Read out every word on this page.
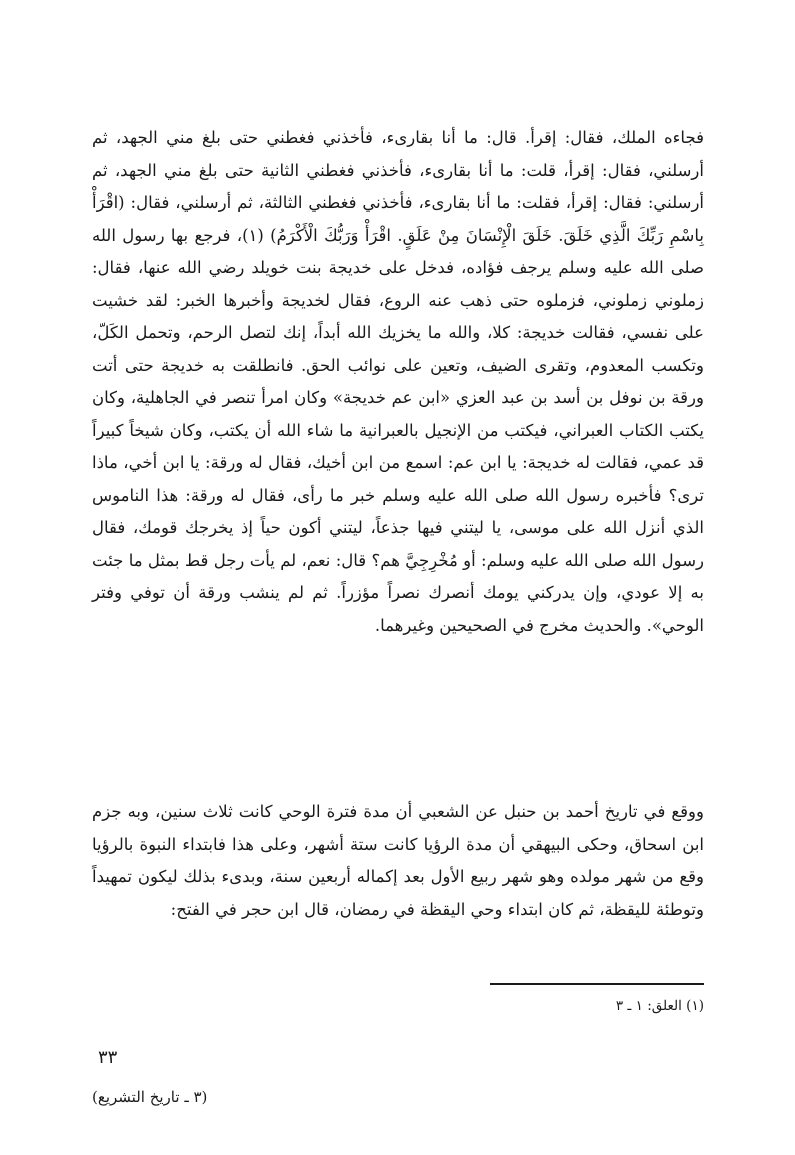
فجاءه الملك، فقال: إقرأ. قال: ما أنا بقارىء، فأخذني فغطني حتى بلغ مني الجهد، ثم أرسلني، فقال: إقرأ، قلت: ما أنا بقارىء، فأخذني فغطني الثانية حتى بلغ مني الجهد، ثم أرسلني: فقال: إقرأ، فقلت: ما أنا بقارىء، فأخذني فغطني الثالثة، ثم أرسلني، فقال: (اقْرَأْ بِاسْمِ رَبِّكَ الَّذِي خَلَقَ. خَلَقَ الْإِنْسَانَ مِنْ عَلَقٍ. اقْرَأْ وَرَبُّكَ الْأَكْرَمُ) (١)، فرجع بها رسول الله صلى الله عليه وسلم يرجف فؤاده، فدخل على خديجة بنت خويلد رضي الله عنها، فقال: زملوني زملوني، فزملوه حتى ذهب عنه الروع، فقال لخديجة وأخبرها الخبر: لقد خشيت على نفسي، فقالت خديجة: كلا، والله ما يخزيك الله أبداً، إنك لتصل الرحم، وتحمل الكَلّ، وتكسب المعدوم، وتقرى الضيف، وتعين على نوائب الحق. فانطلقت به خديجة حتى أتت ورقة بن نوفل بن أسد بن عبد العزي «ابن عم خديجة» وكان امرأ تنصر في الجاهلية، وكان يكتب الكتاب العبراني، فيكتب من الإنجيل بالعبرانية ما شاء الله أن يكتب، وكان شيخاً كبيراً قد عمي، فقالت له خديجة: يا ابن عم: اسمع من ابن أخيك، فقال له ورقة: يا ابن أخي، ماذا ترى؟ فأخبره رسول الله صلى الله عليه وسلم خبر ما رأى، فقال له ورقة: هذا الناموس الذي أنزل الله على موسى، يا ليتني فيها جذعاً، ليتني أكون حياً إذ يخرجك قومك، فقال رسول الله صلى الله عليه وسلم: أو مُخْرِجِيَّ هم؟ قال: نعم، لم يأت رجل قط بمثل ما جئت به إلا عودي، وإن يدركني يومك أنصرك نصراً مؤزراً. ثم لم ينشب ورقة أن توفي وفتر الوحي». والحديث مخرج في الصحيحين وغيرهما.

ووقع في تاريخ أحمد بن حنبل عن الشعبي أن مدة فترة الوحي كانت ثلاث سنين، وبه جزم ابن اسحاق، وحكى البيهقي أن مدة الرؤيا كانت ستة أشهر، وعلى هذا فابتداء النبوة بالرؤيا وقع من شهر مولده وهو شهر ربيع الأول بعد إكماله أربعين سنة، وبدىء بذلك ليكون تمهيداً وتوطئة لليقظة، ثم كان ابتداء وحي اليقظة في رمضان، قال ابن حجر في الفتح:

(١) العلق: ١ ـ ٣

٣٣

(٣ ـ تاريخ التشريع)
